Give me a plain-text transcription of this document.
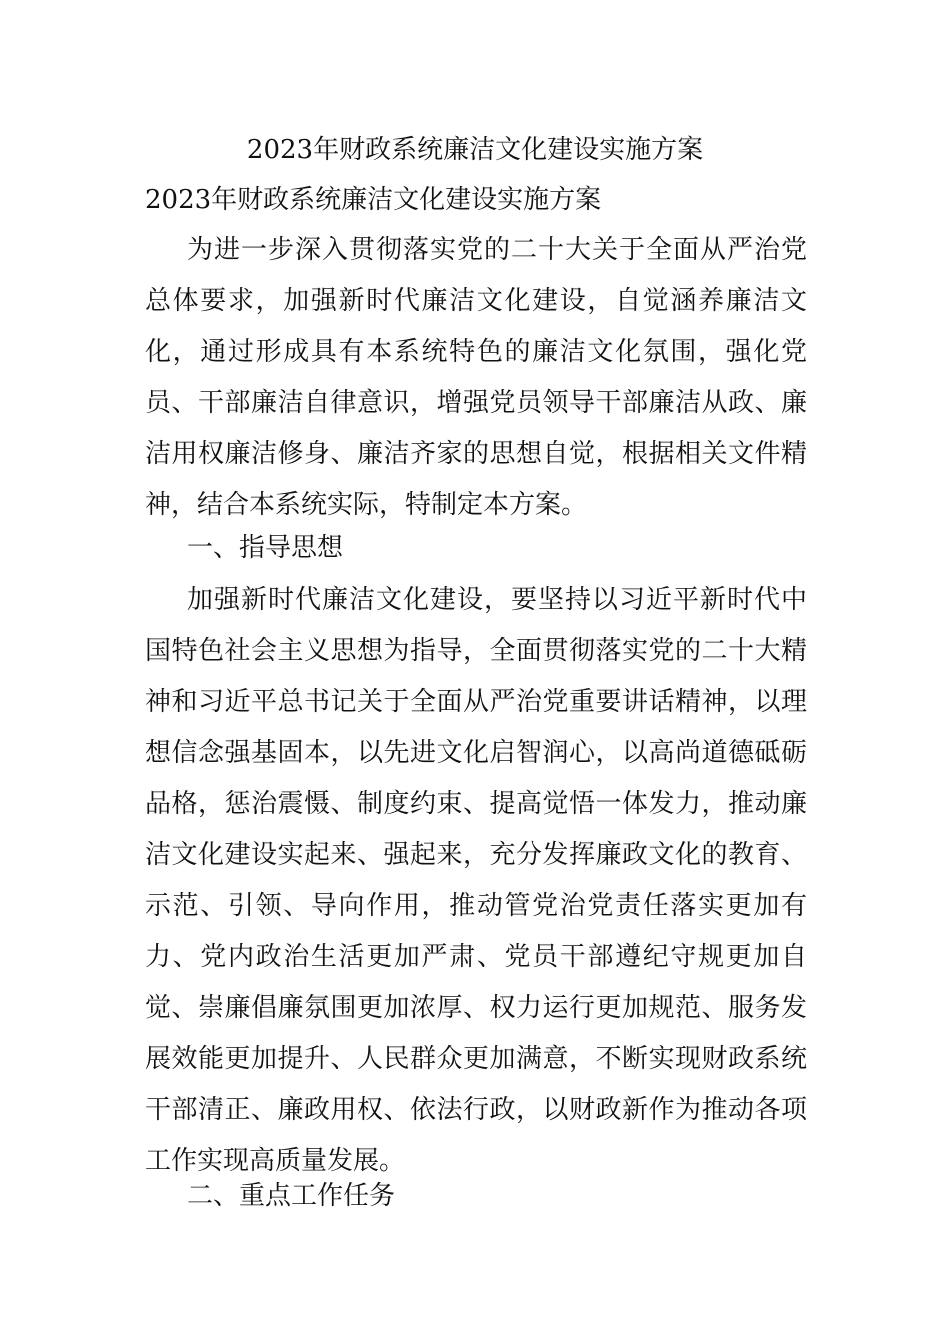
2023年财政系统廉洁文化建设实施方案
2023年财政系统廉洁文化建设实施方案

为进一步深入贯彻落实党的二十大关于全面从严治党总体要求，加强新时代廉洁文化建设，自觉涵养廉洁文化，通过形成具有本系统特色的廉洁文化氛围，强化党员、干部廉洁自律意识，增强党员领导干部廉洁从政、廉洁用权廉洁修身、廉洁齐家的思想自觉，根据相关文件精神，结合本系统实际，特制定本方案。

一、指导思想

加强新时代廉洁文化建设，要坚持以习近平新时代中国特色社会主义思想为指导，全面贯彻落实党的二十大精神和习近平总书记关于全面从严治党重要讲话精神，以理想信念强基固本，以先进文化启智润心，以高尚道德砥砺品格，惩治震慑、制度约束、提高觉悟一体发力，推动廉洁文化建设实起来、强起来，充分发挥廉政文化的教育、示范、引领、导向作用，推动管党治党责任落实更加有力、党内政治生活更加严肃、党员干部遵纪守规更加自觉、崇廉倡廉氛围更加浓厚、权力运行更加规范、服务发展效能更加提升、人民群众更加满意，不断实现财政系统干部清正、廉政用权、依法行政，以财政新作为推动各项工作实现高质量发展。

二、重点工作任务
